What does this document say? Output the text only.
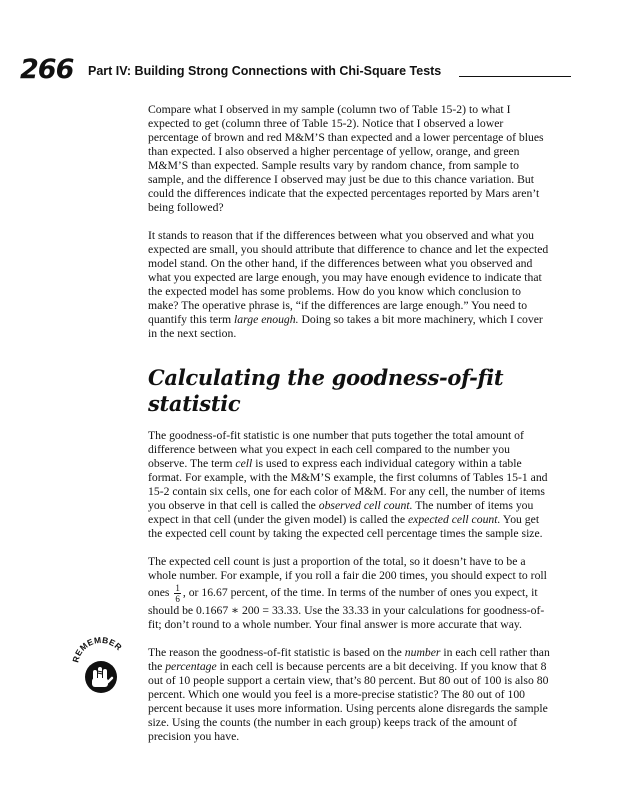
266 Part IV: Building Strong Connections with Chi-Square Tests

Compare what I observed in my sample (column two of Table 15-2) to what I expected to get (column three of Table 15-2). Notice that I observed a lower percentage of brown and red M&M’S than expected and a lower percentage of blues than expected. I also observed a higher percentage of yellow, orange, and green M&M’S than expected. Sample results vary by random chance, from sample to sample, and the difference I observed may just be due to this chance variation. But could the differences indicate that the expected percentages reported by Mars aren’t being followed?

It stands to reason that if the differences between what you observed and what you expected are small, you should attribute that difference to chance and let the expected model stand. On the other hand, if the differences between what you observed and what you expected are large enough, you may have enough evidence to indicate that the expected model has some problems. How do you know which conclusion to make? The operative phrase is, “if the differences are large enough.” You need to quantify this term large enough. Doing so takes a bit more machinery, which I cover in the next section.

Calculating the goodness-of-fit statistic

The goodness-of-fit statistic is one number that puts together the total amount of difference between what you expect in each cell compared to the number you observe. The term cell is used to express each individual category within a table format. For example, with the M&M’S example, the first columns of Tables 15-1 and 15-2 contain six cells, one for each color of M&M. For any cell, the number of items you observe in that cell is called the observed cell count. The number of items you expect in that cell (under the given model) is called the expected cell count. You get the expected cell count by taking the expected cell percentage times the sample size.

The expected cell count is just a proportion of the total, so it doesn’t have to be a whole number. For example, if you roll a fair die 200 times, you should expect to roll ones $\frac{1}{6}$ , or 16.67 percent, of the time. In terms of the number of ones you expect, it should be 0.1667 ∗ 200 = 33.33. Use the 33.33 in your calculations for goodness-of-fit; don’t round to a whole number. Your final answer is more accurate that way.

The reason the goodness-of-fit statistic is based on the number in each cell rather than the percentage in each cell is because percents are a bit deceiving. If you know that 8 out of 10 people support a certain view, that’s 80 percent. But 80 out of 100 is also 80 percent. Which one would you feel is a more-precise statistic? The 80 out of 100 percent because it uses more information. Using percents alone disregards the sample size. Using the counts (the number in each group) keeps track of the amount of precision you have.

REMEMBER
